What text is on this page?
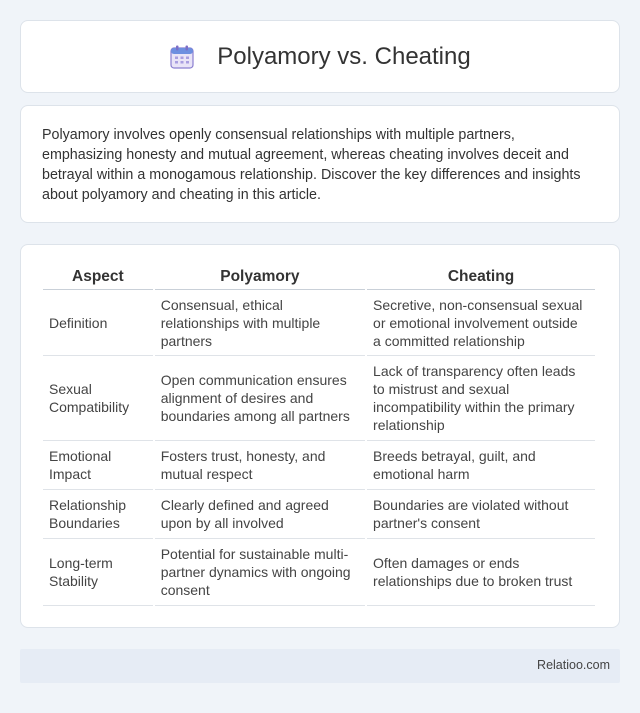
Polyamory vs. Cheating

Polyamory involves openly consensual relationships with multiple partners, emphasizing honesty and mutual agreement, whereas cheating involves deceit and betrayal within a monogamous relationship. Discover the key differences and insights about polyamory and cheating in this article.

Aspect	Polyamory	Cheating
Definition	Consensual, ethical relationships with multiple partners	Secretive, non-consensual sexual or emotional involvement outside a committed relationship
Sexual Compatibility	Open communication ensures alignment of desires and boundaries among all partners	Lack of transparency often leads to mistrust and sexual incompatibility within the primary relationship
Emotional Impact	Fosters trust, honesty, and mutual respect	Breeds betrayal, guilt, and emotional harm
Relationship Boundaries	Clearly defined and agreed upon by all involved	Boundaries are violated without partner's consent
Long-term Stability	Potential for sustainable multi-partner dynamics with ongoing consent	Often damages or ends relationships due to broken trust
Relatioo.com
